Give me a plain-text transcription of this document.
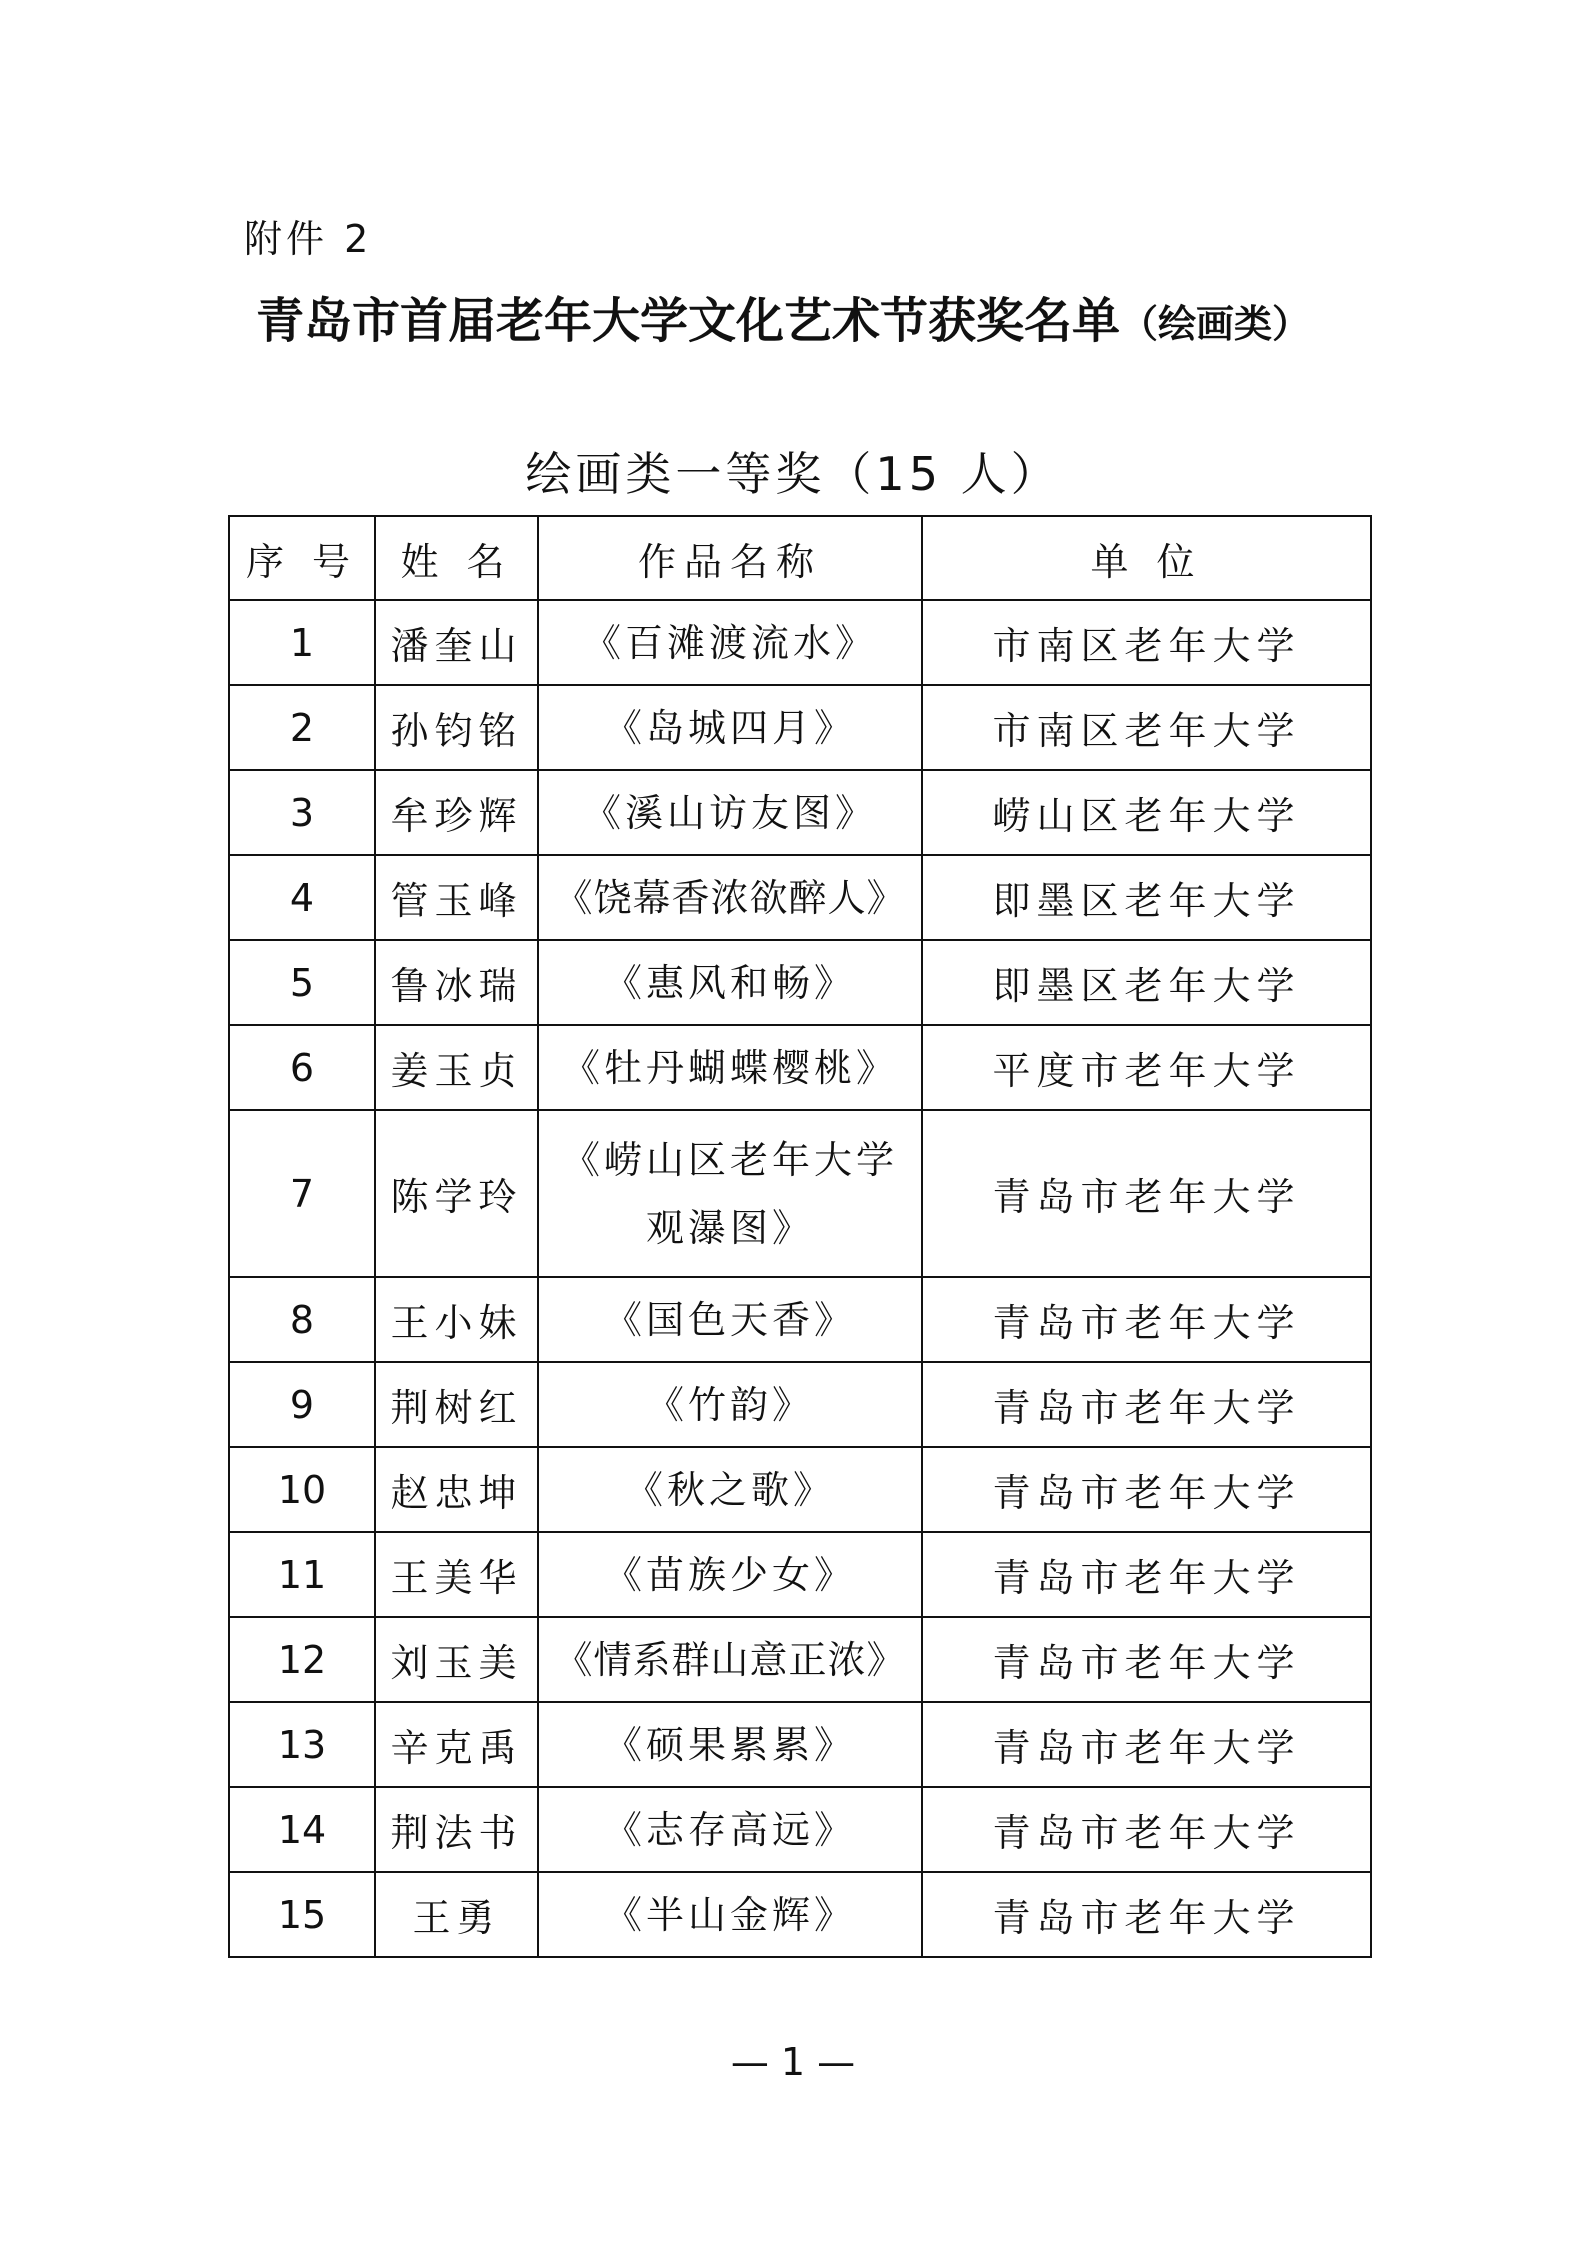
附件 2
青岛市首届老年大学文化艺术节获奖名单（绘画类）
绘画类一等奖（15 人）
序 号	姓 名	作品名称	单 位
1	潘奎山	《百滩渡流水》	市南区老年大学
2	孙钧铭	《岛城四月》	市南区老年大学
3	牟珍辉	《溪山访友图》	崂山区老年大学
4	管玉峰	《饶幕香浓欲醉人》	即墨区老年大学
5	鲁冰瑞	《惠风和畅》	即墨区老年大学
6	姜玉贞	《牡丹蝴蝶樱桃》	平度市老年大学
7	陈学玲	《崂山区老年大学
观瀑图》	青岛市老年大学
8	王小妹	《国色天香》	青岛市老年大学
9	荆树红	《竹韵》	青岛市老年大学
10	赵忠坤	《秋之歌》	青岛市老年大学
11	王美华	《苗族少女》	青岛市老年大学
12	刘玉美	《情系群山意正浓》	青岛市老年大学
13	辛克禹	《硕果累累》	青岛市老年大学
14	荆法书	《志存高远》	青岛市老年大学
15	王勇	《半山金辉》	青岛市老年大学
— 1 —
